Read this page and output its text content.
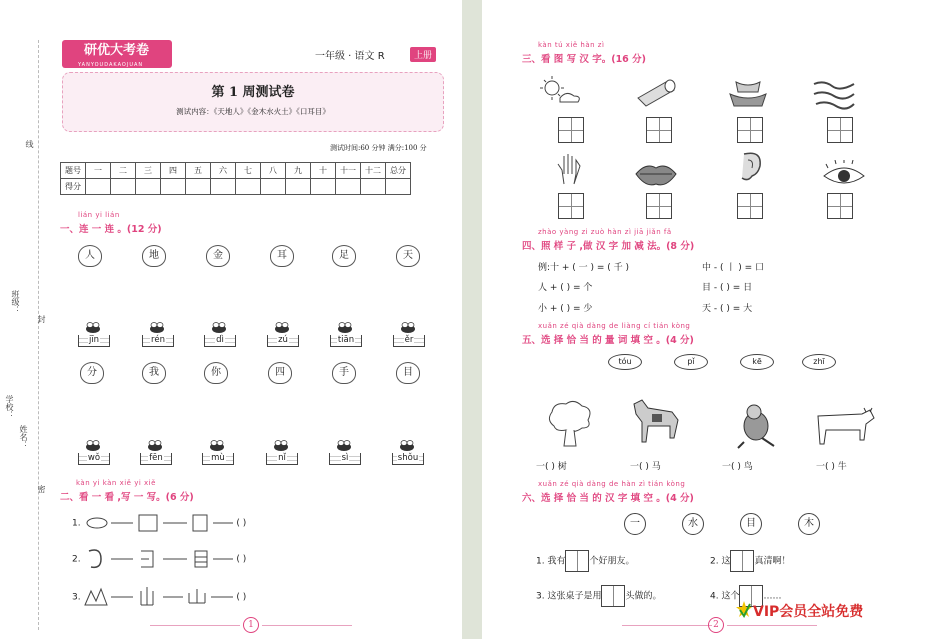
线
班级：
封
学校：
姓名：
密
研优大考卷
YANYOUDAKAOJUAN
一年级 · 语文 R	上册
第 1 周测试卷
测试内容：《天地人》《金木水火土》《口耳目》
测试时间:60 分钟 满分:100 分
题号	一	二	三	四	五	六	七	八	九	十	十一	十二	总分
得分													
lián yi lián
一、连 一 连 。(12 分)
人	地	金	耳	足	天
jīn	rén	dì	zú	tiān	ěr
分	我	你	四	手	目
wǒ	fēn	mù	nǐ	sì	shǒu
kàn yi kàn xiě yi xiě
二、看 一 看 ,写 一 写。(6 分)
1.	( )
2.	( )
3.	( )
1
kàn tú xiě hàn zì
三、看 图 写 汉 字。(16 分)
zhào yàng zi zuò hàn zì jiā jiǎn fǎ
四、照 样 子 ,做 汉 字 加 减 法。(8 分)
例:十 + ( 一 ) = ( 千 )	中 - ( 丨 ) = 口
人 + ( ) = 个	目 - ( ) = 日
小 + ( ) = 少	天 - ( ) = 大
xuǎn zé qià dàng de liàng cí tián kòng
五、选 择 恰 当 的 量 词 填 空 。(4 分)
tóu	pǐ	kē	zhī
一( ) 树	一( ) 马	一( ) 鸟	一( ) 牛
xuǎn zé qià dàng de hàn zì tián kòng
六、选 择 恰 当 的 汉 字 填 空 。(4 分)
一	水	目	木
1. 我有	个好朋友。	2. 这	真清啊！
3. 这张桌子是用	头做的。	4. 这个	……
2
VIP会员全站免费
